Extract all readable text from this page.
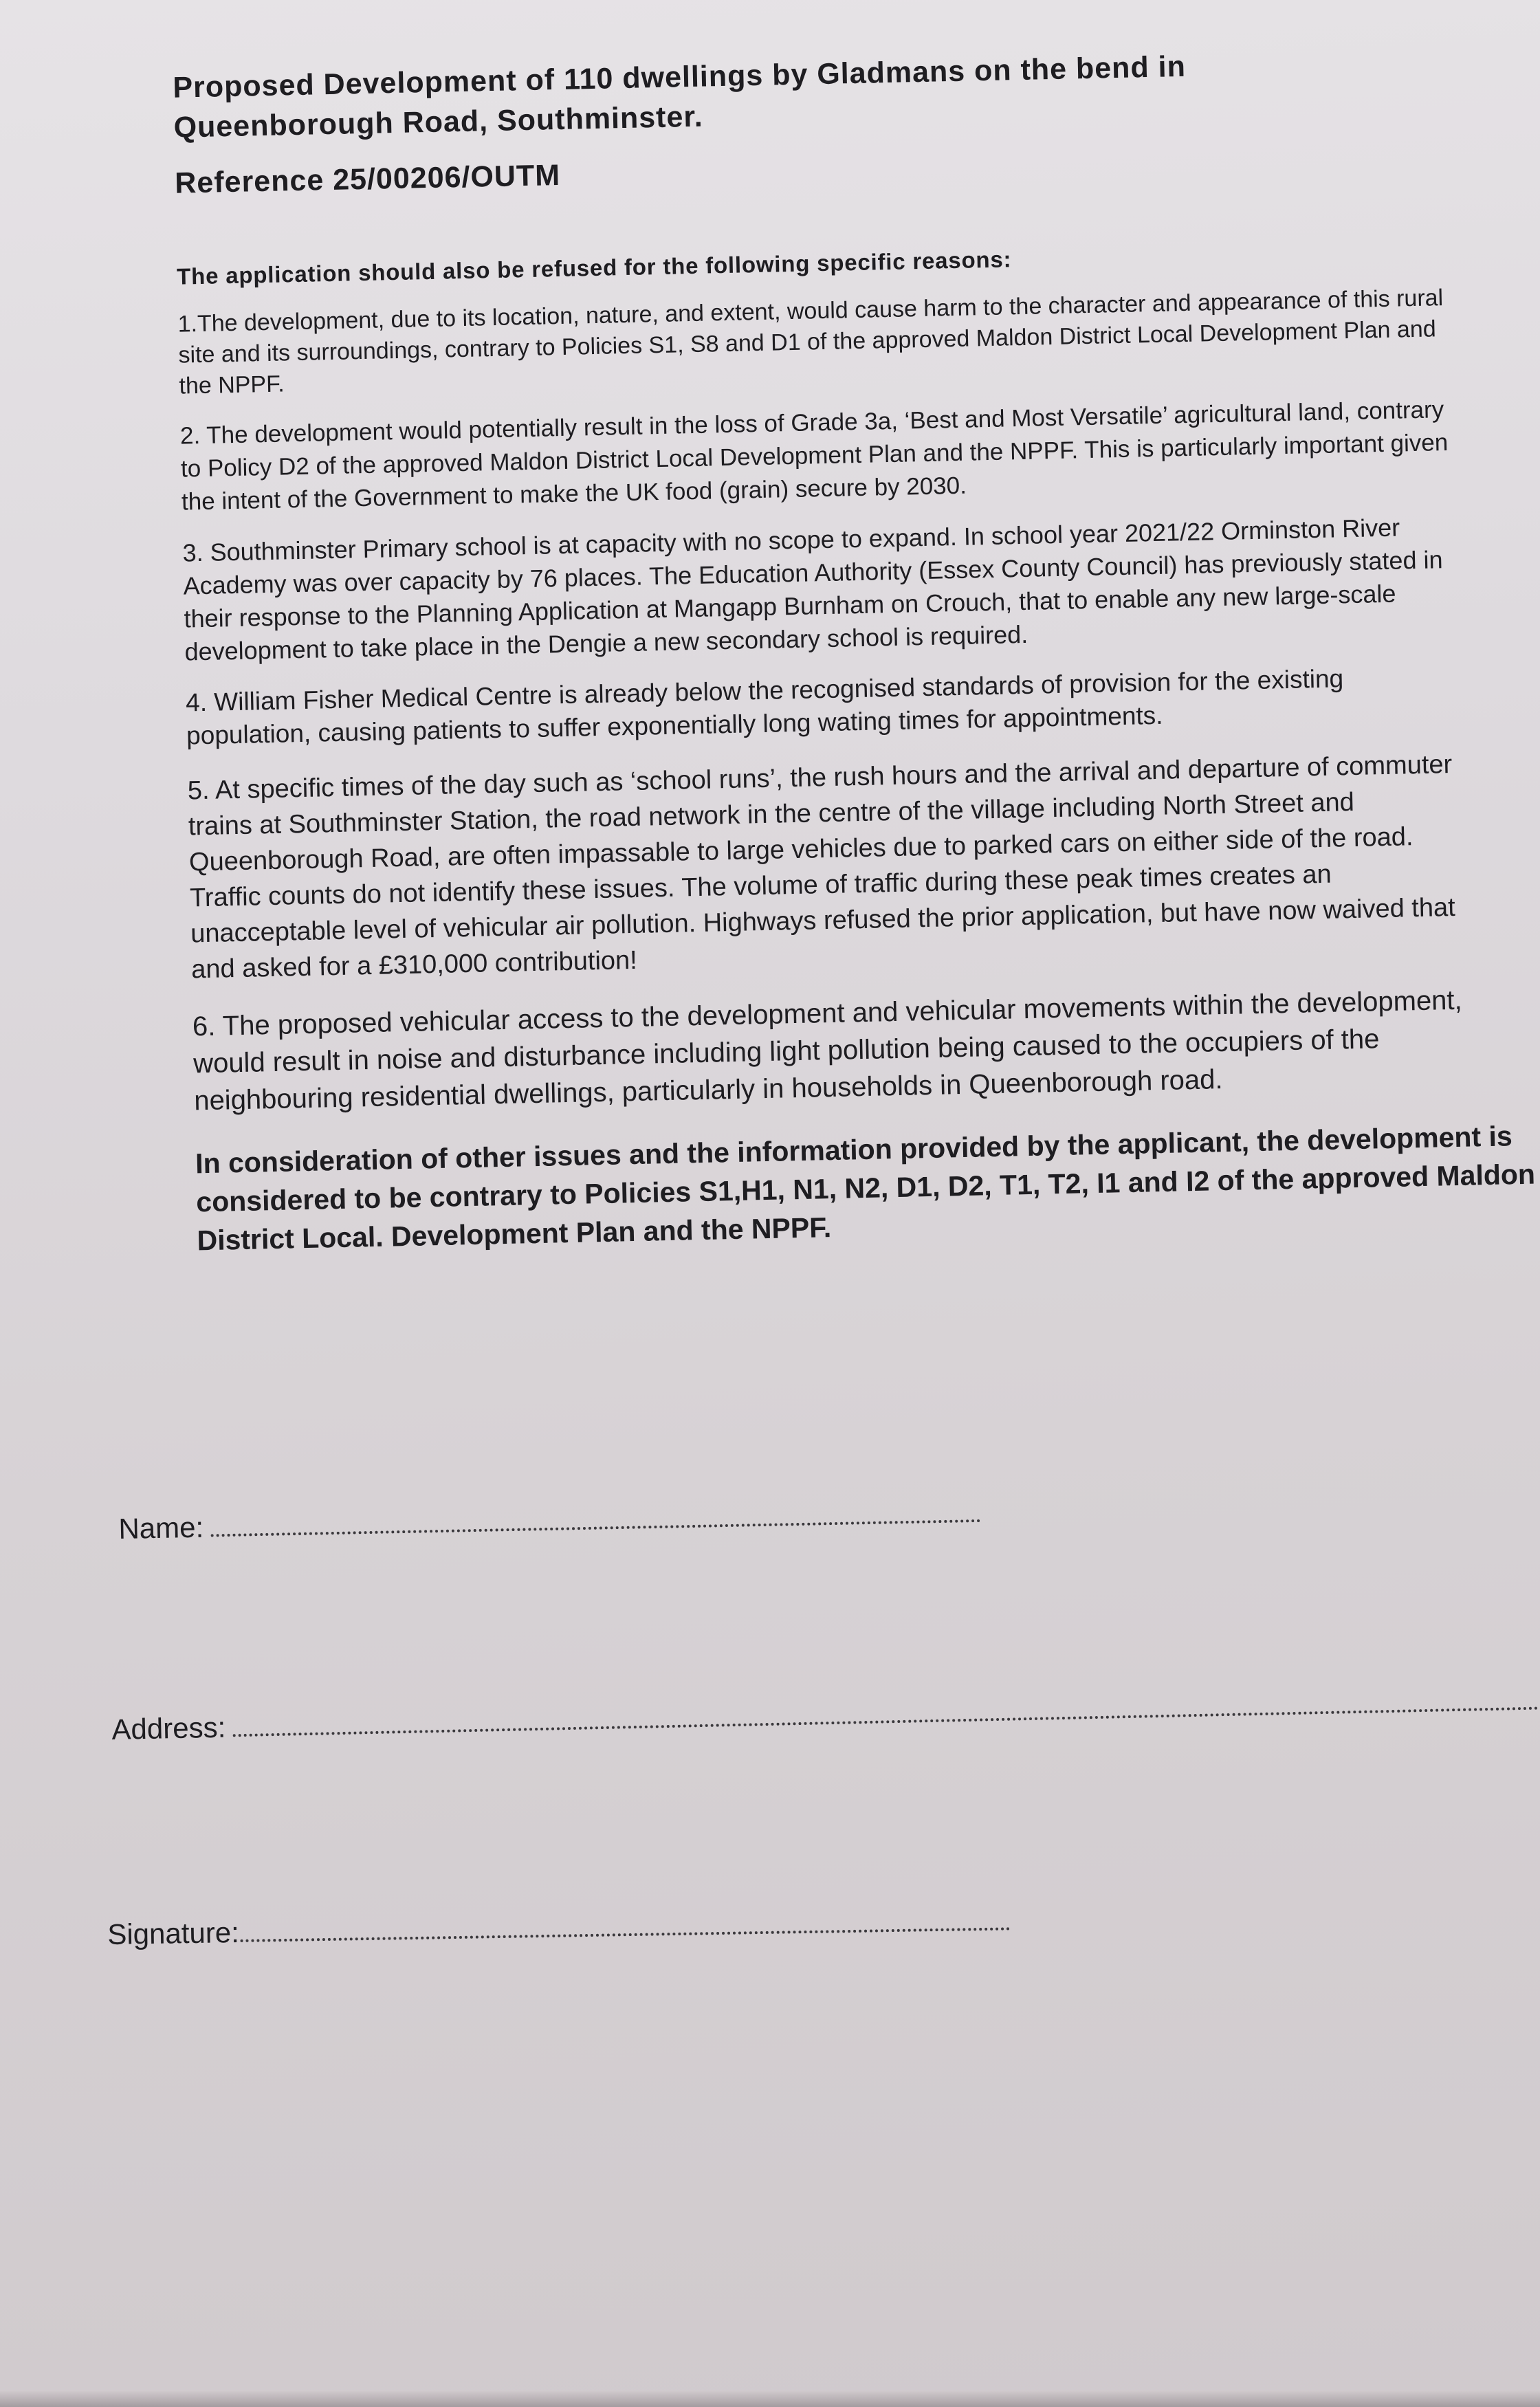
Proposed Development of 110 dwellings by Gladmans on the bend in Queenborough Road, Southminster.
Reference 25/00206/OUTM
The application should also be refused for the following specific reasons:
1.The development, due to its location, nature, and extent, would cause harm to the character and appearance of this rural site and its surroundings, contrary to Policies S1, S8 and D1 of the approved Maldon District Local Development Plan and the NPPF.
2. The development would potentially result in the loss of Grade 3a, ‘Best and Most Versatile’ agricultural land, contrary to Policy D2 of the approved Maldon District Local Development Plan and the NPPF. This is particularly important given the intent of the Government to make the UK food (grain) secure by 2030.
3. Southminster Primary school is at capacity with no scope to expand. In school year 2021/22 Orminston River Academy was over capacity by 76 places. The Education Authority (Essex County Council) has previously stated in their response to the Planning Application at Mangapp Burnham on Crouch, that to enable any new large-scale development to take place in the Dengie a new secondary school is required.
4. William Fisher Medical Centre is already below the recognised standards of provision for the existing population, causing patients to suffer exponentially long wating times for appointments.
5. At specific times of the day such as ‘school runs’, the rush hours and the arrival and departure of commuter trains at Southminster Station, the road network in the centre of the village including North Street and Queenborough Road, are often impassable to large vehicles due to parked cars on either side of the road. Traffic counts do not identify these issues. The volume of traffic during these peak times creates an unacceptable level of vehicular air pollution. Highways refused the prior application, but have now waived that and asked for a £310,000 contribution!
6. The proposed vehicular access to the development and vehicular movements within the development, would result in noise and disturbance including light pollution being caused to the occupiers of the neighbouring residential dwellings, particularly in households in Queenborough road.
In consideration of other issues and the information provided by the applicant, the development is considered to be contrary to Policies S1,H1, N1, N2, D1, D2, T1, T2, I1 and I2 of the approved Maldon District Local. Development Plan and the NPPF.
Name:
Address:
Signature:
